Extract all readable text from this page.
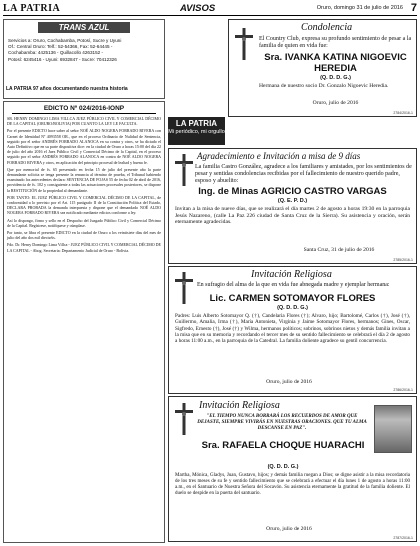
LA PATRIA	AVISOS	Oruro, domingo 31 de julio de 2016 7
TRANS AZUL
Servicios a: Oruro, Cochabamba, Potosí, Sucre y Uyuni
Of.: Central Oruro: Telf.: 52-54366, Fax: 52-64445 -
Cochabamba: 4425136 - Quillacollo 4263152 -
Potosí: 6245416 - Uyuni: 6932847 - Sucre: 70412326
LA PATRIA 97 años documentando nuestra historia
EDICTO Nº 024/2016-IONP

SR. HENRY DOMINGO LIMA VILLCA JUEZ PÚBLICO CIVIL Y COMERCIAL DÉCIMO DE LA CAPITAL (ORURO/BOLIVIA) POR CUANTO LA LEY LE FACULTA.

Por el presente EDICTO hace saber al señor NOÉ ALDO NOGERA FORRADO RIVERA con Carnet de Identidad Nº 4093558 OR., que en el proceso Ordinario de Nulidad de Sentencia, seguido por el señor ANDRÉS FORRADO ALANOCA en su contra y otros, se ha dictado el Auto Definitivo que en su parte dispositiva dice: en la ciudad de Oruro a horas 15:00 del día 22 de julio del año 2016 el Juez Público Civil y Comercial Décimo de la Capital, en el proceso seguido por el señor ANDRÉS FORRADO ALANOCA en contra de NOÉ ALDO NOGERA FORRADO RIVERA y otros, en aplicación del principio procesal de lealtad y buena fe.

Que por memorial de fs. 65 presentado en fecha 15 de julio del presente año la parte demandante solicita se tenga presente la renuncia al término de prueba, el Tribunal habiendo examinado los antecedentes declara: SENTENCIA DE FOJAS 55 de fecha 02 de abril de 2016, providencia de fs. 102 y consiguiente a todas las actuaciones procesales posteriores, se dispone la RESTITUCIÓN de la propiedad al demandante.

POR TANTO: EL JUEZ PÚBLICO CIVIL Y COMERCIAL DÉCIMO DE LA CAPITAL, de conformidad a lo previsto por el Art. 115 parágrafo II de la Constitución Política del Estado, DECLARA PROBADA la demanda interpuesta y dispone que el demandado NOÉ ALDO NOGERA FORRADO RIVERA sea notificado mediante edictos conforme a ley.

Así lo dispongo, firmo y sello en el Despacho del Juzgado Público Civil y Comercial Décimo de la Capital. Regístrese, notifíquese y cúmplase.

Por tanto, se libra el presente EDICTO en la ciudad de Oruro a los veintisiete días del mes de julio del año dos mil dieciséis.

Fdo. Dr. Henry Domingo Lima Villca - JUEZ PÚBLICO CIVIL Y COMERCIAL DÉCIMO DE LA CAPITAL - Abog. Secretaria: Departamento Judicial de Oruro - Bolivia.

Condolencia
El Country Club, expresa su profundo sentimiento de pesar a la familia de quien en vida fue:
Sra. IVANKA KATINA NIGOEVIC HEREDIA
(Q. D. D. G.)
Hermana de nuestro socio Dr. Gonzalo Nigoevic Heredia.
Oruro, julio de 2016
2784/2016-1
LA PATRIA
Mi periódico, mi orgullo
Agradecimiento e Invitación a misa de 9 días
La familia Castro González, agradece a los familiares y amistades, por los sentimientos de pesar y sentidas condolencias recibidas por el fallecimiento de nuestro querido padre, esposo y abuelito:
Ing. de Minas AGRICIO CASTRO VARGAS
(Q. E. P. D.)
Invitan a la misa de nueve días, que se realizará el día martes 2 de agosto a horas 19:30 en la parroquia Jesús Nazareno, (calle La Paz 226 ciudad de Santa Cruz de la Sierra). Su asistencia y oración, serán eternamente agradecidas.
Santa Cruz, 31 de julio de 2016
2785/2016-1
Invitación Religiosa
En sufragio del alma de la que en vida fue abnegada madre y ejemplar hermana:
Lic. CARMEN SOTOMAYOR FLORES
(Q. D. D. G.)
Padres: Luis Alberto Sotomayor Q. (†), Candelaria Flores (†); Alvaro, hijo; Bartolomé, Carlos (†), José (†), Guillermo, Amalia, Irma (†), María Antonieta, Virginia y Jaime Sotomayor Flores, hermanos; Gines, Oscar, Sigfredo, Ernesto (†), José (†) y Wilma, hermanos políticos; sobrinos, sobrinos nietos y demás familia invitan a la misa que en su memoria y recordando el tercer mes de su sentido fallecimiento se celebrará el día 2 de agosto a horas 11:00 a.m., en la parroquia de la Catedral. La familia doliente agradece su gentil concurrencia.
Oruro, julio de 2016
2786/2016-1
Invitación Religiosa
"EL TIEMPO NUNCA BORRARÁ LOS RECUERDOS DE AMOR QUE DEJASTE, SIEMPRE VIVIRÁS EN NUESTRAS ORACIONES. QUE TU ALMA DESCANSE EN PAZ".
Sra. RAFAELA CHOQUE HUARACHI
(Q. D. D. G.)
Martha, Mónica, Gladys, Juan, Gustavo, hijos; y demás familia ruegan a Dios; se digne asistir a la misa recordatoria de los tres meses de su fe y sentido fallecimiento que se celebrará a efectuar el día lunes 1 de agosto a horas 11:00 a.m., en el Santuario de Nuestra Señora del Socavón. Su asistencia eternamente la gratitud de la familia doliente. El duelo se despide en la puerta del santuario.
Oruro, julio de 2016
2787/2016-1
